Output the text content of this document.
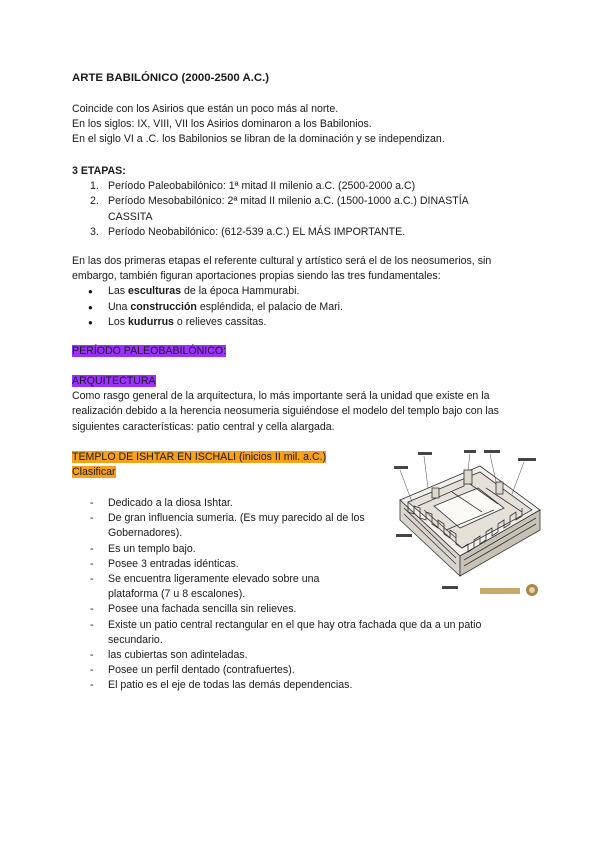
ARTE BABILÓNICO (2000-2500 A.C.)
Coincide con los Asirios que están un poco más al norte.
En los siglos: IX, VIII, VII los Asirios dominaron a los Babilonios.
En el siglo VI a .C. los Babilonios se libran de la dominación y se independizan.
3 ETAPAS:
1. Período Paleobabilónico: 1ª mitad II milenio a.C. (2500-2000 a.C)
2. Período Mesobabilónico: 2ª mitad II milenio a.C. (1500-1000 a.C.) DINASTÍA CASSITA
3. Período Neobabilónico: (612-539 a.C.) EL MÁS IMPORTANTE.
En las dos primeras etapas el referente cultural y artístico será el de los neosumerios, sin
embargo, también figuran aportaciones propias siendo las tres fundamentales:
● Las esculturas de la época Hammurabi.
● Una construcción espléndida, el palacio de Mari.
● Los kudurrus o relieves cassitas.
PERÍODO PALEOBABILÓNICO:
ARQUITECTURA
Como rasgo general de la arquitectura, lo más importante será la unidad que existe en la
realización debido a la herencia neosumeria siguiéndose el modelo del templo bajo con las
siguientes características: patio central y cella alargada.
TEMPLO DE ISHTAR EN ISCHALI (inicios II mil. a.C.)
Clasificar
- Dedicado a la diosa Ishtar.
- De gran influencia sumeria. (Es muy parecido al de los
Gobernadores).
- Es un templo bajo.
- Posee 3 entradas idénticas.
- Se encuentra ligeramente elevado sobre una
plataforma (7 u 8 escalones).
- Posee una fachada sencilla sin relieves.
- Existe un patio central rectangular en el que hay otra fachada que da a un patio
secundario.
- las cubiertas son adinteladas.
- Posee un perfil dentado (contrafuertes).
- El patio es el eje de todas las demás dependencias.
